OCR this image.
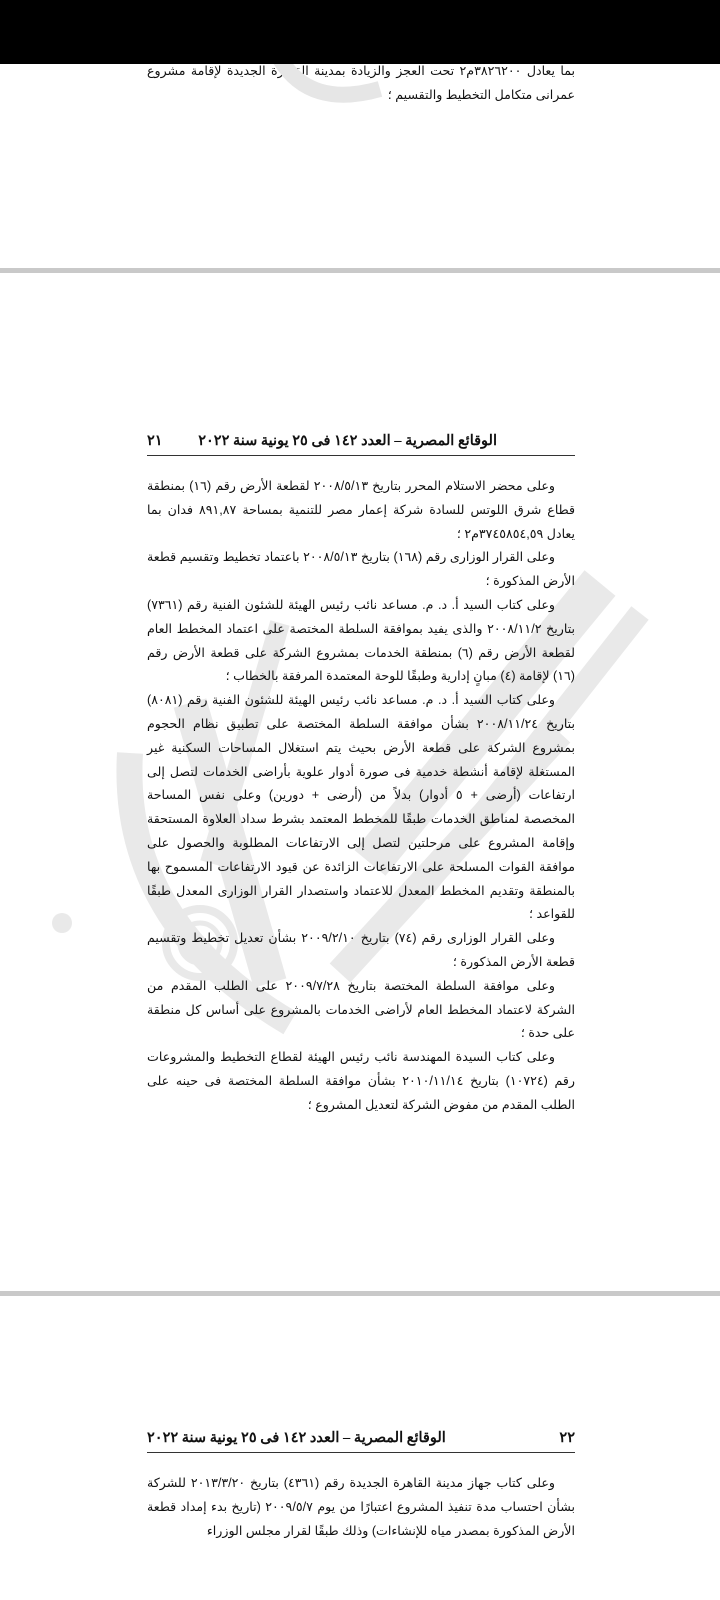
بما يعادل ٣٨٢٦٢٠٠م٢ تحت العجز والزيادة بمدينة القاهرة الجديدة لإقامة مشروع عمرانى متكامل التخطيط والتقسيم ؛

الوقائع المصرية – العدد ١٤٢ فى ٢٥ يونية سنة ٢٠٢٢
٢١

وعلى محضر الاستلام المحرر بتاريخ ٢٠٠٨/٥/١٣ لقطعة الأرض رقم (١٦) بمنطقة قطاع شرق اللوتس للسادة شركة إعمار مصر للتنمية بمساحة ٨٩١,٨٧ فدان بما يعادل ٣٧٤٥٨٥٤,٥٩م٢ ؛

وعلى القرار الوزارى رقم (١٦٨) بتاريخ ٢٠٠٨/٥/١٣ باعتماد تخطيط وتقسيم قطعة الأرض المذكورة ؛

وعلى كتاب السيد أ. د. م. مساعد نائب رئيس الهيئة للشئون الفنية رقم (٧٣٦١) بتاريخ ٢٠٠٨/١١/٢ والذى يفيد بموافقة السلطة المختصة على اعتماد المخطط العام لقطعة الأرض رقم (٦) بمنطقة الخدمات بمشروع الشركة على قطعة الأرض رقم (١٦) لإقامة (٤) مبانٍ إدارية وطبقًا للوحة المعتمدة المرفقة بالخطاب ؛

وعلى كتاب السيد أ. د. م. مساعد نائب رئيس الهيئة للشئون الفنية رقم (٨٠٨١) بتاريخ ٢٠٠٨/١١/٢٤ بشأن موافقة السلطة المختصة على تطبيق نظام الحجوم بمشروع الشركة على قطعة الأرض بحيث يتم استغلال المساحات السكنية غير المستغلة لإقامة أنشطة خدمية فى صورة أدوار علوية بأراضى الخدمات لتصل إلى ارتفاعات (أرضى + ٥ أدوار) بدلاً من (أرضى + دورين) وعلى نفس المساحة المخصصة لمناطق الخدمات طبقًا للمخطط المعتمد بشرط سداد العلاوة المستحقة وإقامة المشروع على مرحلتين لتصل إلى الارتفاعات المطلوبة والحصول على موافقة القوات المسلحة على الارتفاعات الزائدة عن قيود الارتفاعات المسموح بها بالمنطقة وتقديم المخطط المعدل للاعتماد واستصدار القرار الوزارى المعدل طبقًا للقواعد ؛

وعلى القرار الوزارى رقم (٧٤) بتاريخ ٢٠٠٩/٢/١٠ بشأن تعديل تخطيط وتقسيم قطعة الأرض المذكورة ؛

وعلى موافقة السلطة المختصة بتاريخ ٢٠٠٩/٧/٢٨ على الطلب المقدم من الشركة لاعتماد المخطط العام لأراضى الخدمات بالمشروع على أساس كل منطقة على حدة ؛

وعلى كتاب السيدة المهندسة نائب رئيس الهيئة لقطاع التخطيط والمشروعات رقم (١٠٧٢٤) بتاريخ ٢٠١٠/١١/١٤ بشأن موافقة السلطة المختصة فى حينه على الطلب المقدم من مفوض الشركة لتعديل المشروع ؛

الوقائع المصرية – العدد ١٤٢ فى ٢٥ يونية سنة ٢٠٢٢	٢٢

وعلى كتاب جهاز مدينة القاهرة الجديدة رقم (٤٣٦١) بتاريخ ٢٠١٣/٣/٢٠ للشركة بشأن احتساب مدة تنفيذ المشروع اعتبارًا من يوم ٢٠٠٩/٥/٧ (تاريخ بدء إمداد قطعة الأرض المذكورة بمصدر مياه للإنشاءات) وذلك طبقًا لقرار مجلس الوزراء
